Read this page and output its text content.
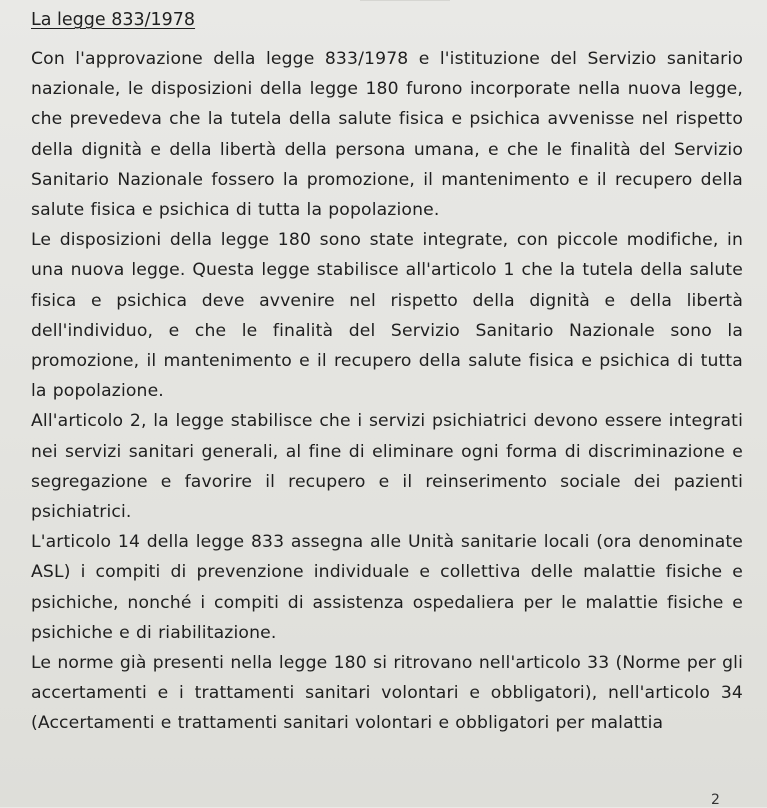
La legge 833/1978

Con l'approvazione della legge 833/1978 e l'istituzione del Servizio sanitario nazionale, le disposizioni della legge 180 furono incorporate nella nuova legge, che prevedeva che la tutela della salute fisica e psichica avvenisse nel rispetto della dignità e della libertà della persona umana, e che le finalità del Servizio Sanitario Nazionale fossero la promozione, il mantenimento e il recupero della salute fisica e psichica di tutta la popolazione.

Le disposizioni della legge 180 sono state integrate, con piccole modifiche, in una nuova legge. Questa legge stabilisce all'articolo 1 che la tutela della salute fisica e psichica deve avvenire nel rispetto della dignità e della libertà dell'individuo, e che le finalità del Servizio Sanitario Nazionale sono la promozione, il mantenimento e il recupero della salute fisica e psichica di tutta la popolazione.

All'articolo 2, la legge stabilisce che i servizi psichiatrici devono essere integrati nei servizi sanitari generali, al fine di eliminare ogni forma di discriminazione e segregazione e favorire il recupero e il reinserimento sociale dei pazienti psichiatrici.

L'articolo 14 della legge 833 assegna alle Unità sanitarie locali (ora denominate ASL) i compiti di prevenzione individuale e collettiva delle malattie fisiche e psichiche, nonché i compiti di assistenza ospedaliera per le malattie fisiche e psichiche e di riabilitazione.

Le norme già presenti nella legge 180 si ritrovano nell'articolo 33 (Norme per gli accertamenti e i trattamenti sanitari volontari e obbligatori), nell'articolo 34 (Accertamenti e trattamenti sanitari volontari e obbligatori per malattia

2
